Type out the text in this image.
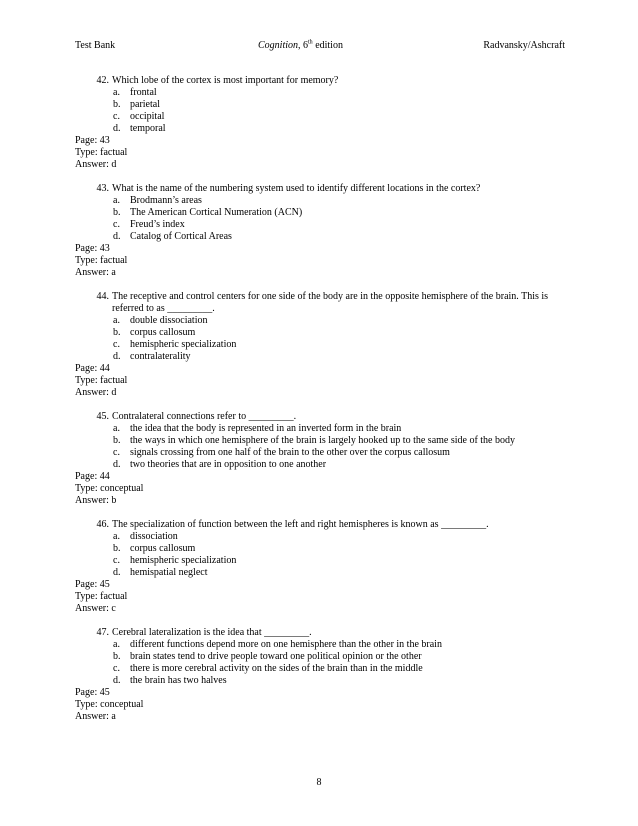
Test Bank	Cognition, 6th edition	Radvansky/Ashcraft
42. Which lobe of the cortex is most important for memory?
a.	frontal
b. parietal
c.	occipital
d. temporal
Page: 43
Type: factual
Answer: d
43. What is the name of the numbering system used to identify different locations in the cortex?
a.	Brodmann’s areas
b. The American Cortical Numeration (ACN)
c.	Freud’s index
d. Catalog of Cortical Areas
Page: 43
Type: factual
Answer: a
44. The receptive and control centers for one side of the body are in the opposite hemisphere of the brain. This is referred to as _________.
a.	double dissociation
b. corpus callosum
c.	hemispheric specialization
d. contralaterality
Page: 44
Type: factual
Answer: d
45. Contralateral connections refer to _________.
a.	the idea that the body is represented in an inverted form in the brain
b. the ways in which one hemisphere of the brain is largely hooked up to the same side of the body
c.	signals crossing from one half of the brain to the other over the corpus callosum
d. two theories that are in opposition to one another
Page: 44
Type: conceptual
Answer: b
46. The specialization of function between the left and right hemispheres is known as _________.
a.	dissociation
b. corpus callosum
c.	hemispheric specialization
d. hemispatial neglect
Page: 45
Type: factual
Answer: c
47. Cerebral lateralization is the idea that _________.
a.	different functions depend more on one hemisphere than the other in the brain
b. brain states tend to drive people toward one political opinion or the other
c.	there is more cerebral activity on the sides of the brain than in the middle
d. the brain has two halves
Page: 45
Type: conceptual
Answer: a
8
